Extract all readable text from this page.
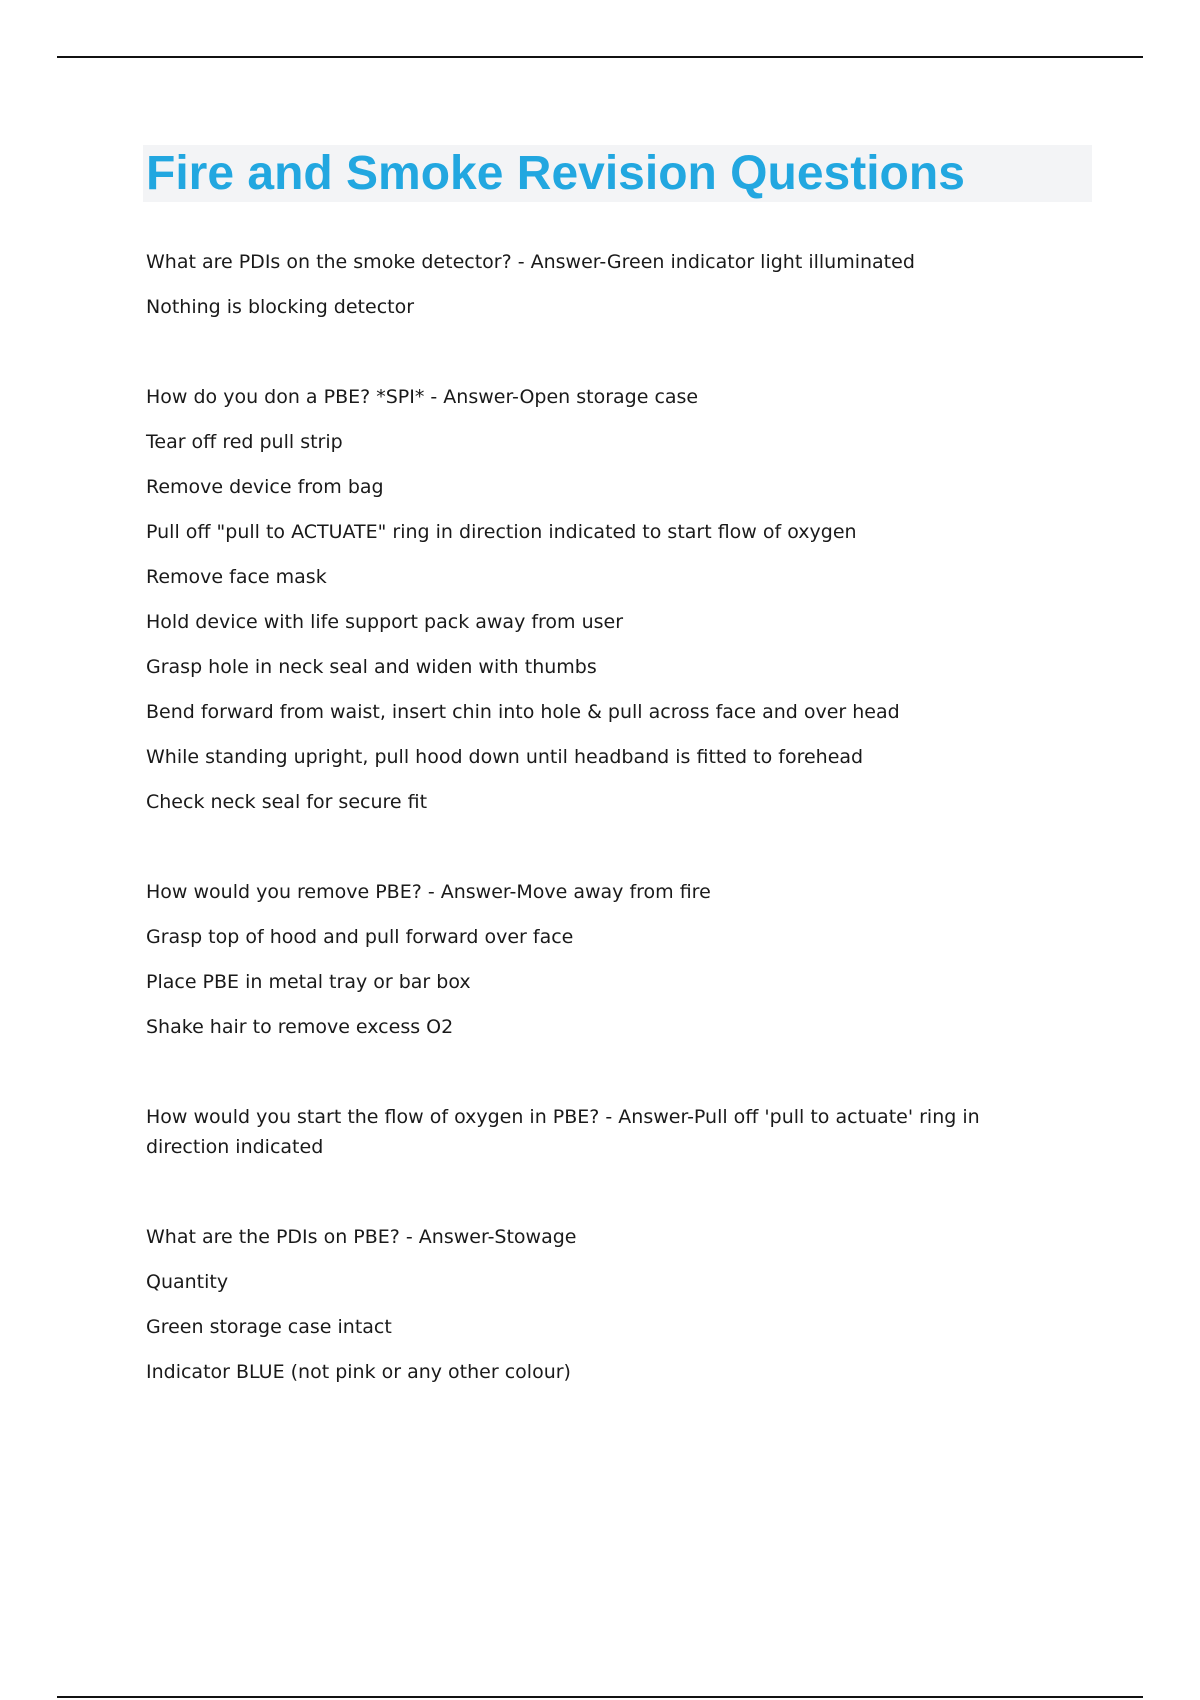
Fire and Smoke Revision Questions

What are PDIs on the smoke detector? - Answer-Green indicator light illuminated

Nothing is blocking detector

How do you don a PBE? *SPI* - Answer-Open storage case

Tear off red pull strip

Remove device from bag

Pull off "pull to ACTUATE" ring in direction indicated to start flow of oxygen

Remove face mask

Hold device with life support pack away from user

Grasp hole in neck seal and widen with thumbs

Bend forward from waist, insert chin into hole & pull across face and over head

While standing upright, pull hood down until headband is fitted to forehead

Check neck seal for secure fit

How would you remove PBE? - Answer-Move away from fire

Grasp top of hood and pull forward over face

Place PBE in metal tray or bar box

Shake hair to remove excess O2

How would you start the flow of oxygen in PBE? - Answer-Pull off 'pull to actuate' ring in direction indicated

What are the PDIs on PBE? - Answer-Stowage

Quantity

Green storage case intact

Indicator BLUE (not pink or any other colour)
